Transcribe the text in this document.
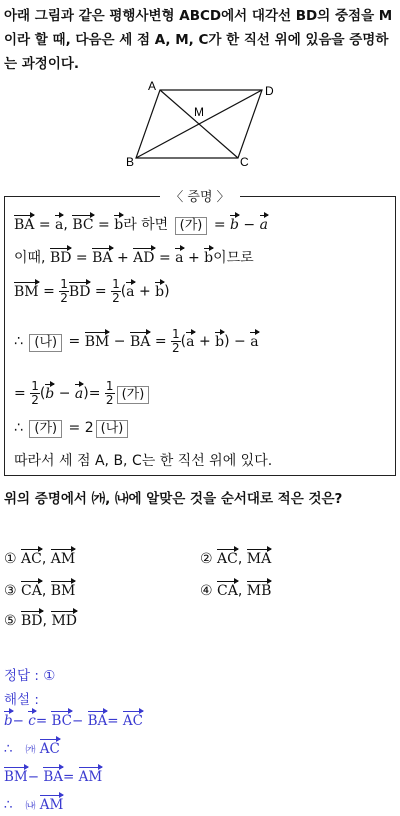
아래 그림과 같은 평행사변형 ABCD에서 대각선 BD의 중점을 M이라 할 때, 다음은 세 점 A, M, C가 한 직선 위에 있음을 증명하는 과정이다.
A	D
B	C
M
〈 증명 〉
BA = a, BC = b라 하면 (가) = b − a
이때, BD = BA + AD = a + b이므로
BM = $\frac{1}{2}$ BD = $\frac{1}{2} (a + b)$
∴ (나) = BM − BA = $\frac{1}{2} (a + b) - a$
= $\frac{1}{2} (b - a)= \frac{1}{2}$ (가)
∴ (가) = 2 (나)
따라서 세 점 A, B, C는 한 직선 위에 있다.
위의 증명에서 ㈎, ㈏에 알맞은 것을 순서대로 적은 것은?
① AC, AM	② AC, MA
③ CA, BM	④ CA, MB
⑤ BD, MD
정답 : ①
해설 :
b− c= BC− BA= AC
∴ ㈎ AC
BM− BA= AM
∴ ㈏ AM
